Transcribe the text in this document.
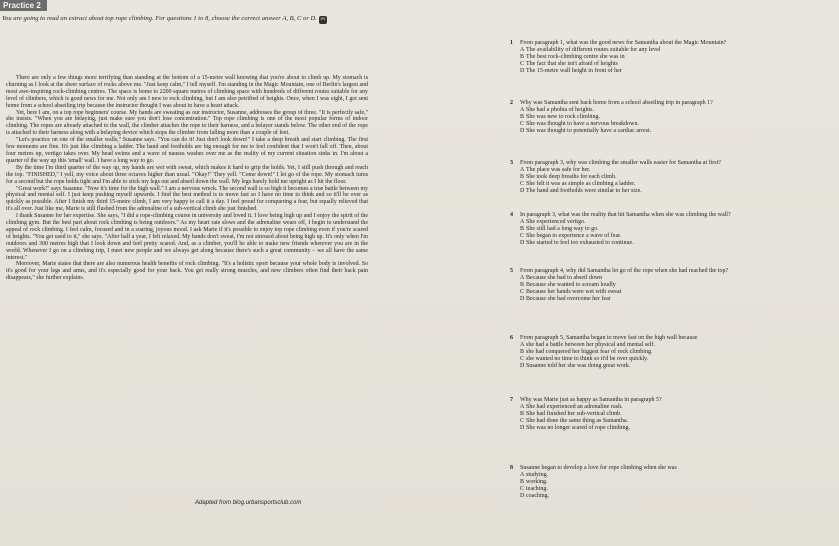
Practice 2
You are going to read an extract about top rope climbing. For questions 1 to 8, choose the correct answer A, B, C or D. ex

There are only a few things more terrifying than standing at the bottom of a 15-metre wall knowing that you're about to climb up. My stomach is churning as I look at the sheer surface of rocks above me. "Just keep calm," I tell myself. I'm standing in the Magic Mountain, one of Berlin's largest and most awe-inspiring rock-climbing centres. The space is home to 2200 square metres of climbing space with hundreds of different routes suitable for any level of climbers, which is good news for me. Not only am I new to rock climbing, but I am also petrified of heights. Once, when I was eight, I got sent home from a school abseiling trip because the instructor thought I was about to have a heart attack.

Yet, here I am, on a top rope beginners' course. My hands are sweating as our instructor, Susanne, addresses the group of three. "It is perfectly safe," she insists. "When you are belaying, just make sure you don't lose concentration." Top rope climbing is one of the most popular forms of indoor climbing. The ropes are already attached to the wall, the climber attaches the rope to their harness, and a belayer stands below. The other end of the rope is attached to their harness along with a belaying device which stops the climber from falling more than a couple of feet.

"Let's practice on one of the smaller walls," Susanne says. "You can do it! Just don't look down!" I take a deep breath and start climbing. The first few moments are fine. It's just like climbing a ladder. The hand and footholds are big enough for me to feel confident that I won't fall off. Then, about four metres up, vertigo takes over. My head swims and a wave of nausea washes over me as the reality of my current situation sinks in. I'm about a quarter of the way up this 'small' wall. I have a long way to go.

By the time I'm third quarter of the way up, my hands are wet with sweat, which makes it hard to grip the holds. Yet, I still push through and reach the top. "FINISHED," I yell, my voice about three octaves higher than usual. "Okay!" They yell. "Come down!" I let go of the rope. My stomach turns for a second but the rope holds tight and I'm able to stick my legs out and abseil down the wall. My legs barely hold me upright as I hit the floor.

"Great work!" says Susanne. "Now it's time for the high wall." I am a nervous wreck. The second wall is so high it becomes a true battle between my physical and mental self. I just keep pushing myself upwards. I find the best method is to move fast so I have no time to think and so it'll be over as quickly as possible. After I finish my third 15-metre climb, I am very happy to call it a day. I feel proud for conquering a fear, but equally relieved that it's all over. Just like me, Marie is still flushed from the adrenaline of a sub-vertical climb she just finished.

I thank Susanne for her expertise. She says, "I did a rope-climbing course in university and loved it. I love being high up and I enjoy the spirit of the climbing gym. But the best part about rock climbing is being outdoors." As my heart rate slows and the adrenaline wears off, I begin to understand the appeal of rock climbing. I feel calm, focused and in a soaring, joyous mood. I ask Marie if it's possible to enjoy top rope climbing even if you're scared of heights. "You get used to it," she says. "After half a year, I felt relaxed. My hands don't sweat, I'm not stressed about being high up. It's only when I'm outdoors and 300 metres high that I look down and feel pretty scared. And, as a climber, you'll be able to make new friends wherever you are in the world. Whenever I go on a climbing trip, I meet new people and we always get along because there's such a great community – we all have the same interest."

Moreover, Marie states that there are also numerous health benefits of rock climbing. "It's a holistic sport because your whole body is involved. So it's good for your legs and arms, and it's especially good for your back. You get really strong muscles, and new climbers often find their back pain disappears," she further explains.

Adapted from blog.urbansportsclub.com
1 From paragraph 1, what was the good news for Samantha about the Magic Mountain?
A The availability of different routes suitable for any level
B The best rock-climbing centre she was in
C The fact that she isn't afraid of heights
D The 15-metre wall height in front of her
2 Why was Samantha sent back home from a school abseiling trip in paragraph 1?
A She had a phobia of heights.
B She was new to rock climbing.
C She was thought to have a nervous breakdown.
D She was thought to potentially have a cardiac arrest.
3 From paragraph 3, why was climbing the smaller walls easier for Samantha at first?
A The place was safe for her.
B She took deep breaths for each climb.
C She felt it was as simple as climbing a ladder.
D The hand and footholds were similar to her size.
4 In paragraph 3, what was the reality that hit Samantha when she was climbing the wall?
A She experienced vertigo.
B She still had a long way to go.
C She began to experience a wave of fear.
D She started to feel too exhausted to continue.
5 From paragraph 4, why did Samantha let go of the rope when she had reached the top?
A Because she had to abseil down
B Because she wanted to scream loudly
C Because her hands were wet with sweat
D Because she had overcome her fear
6 From paragraph 5, Samantha began to move fast on the high wall because
A she had a battle between her physical and mental self.
B she had conquered her biggest fear of rock climbing.
C she wanted no time to think so it'd be over quickly.
D Susanne told her she was doing great work.
7 Why was Marie just as happy as Samantha in paragraph 5?
A She had experienced an adrenaline rush.
B She had finished her sub-vertical climb.
C She had done the same thing as Samantha.
D She was no longer scared of rope climbing.
8 Susanne began to develop a love for rope climbing when she was
A studying.
B working.
C teaching.
D coaching.
